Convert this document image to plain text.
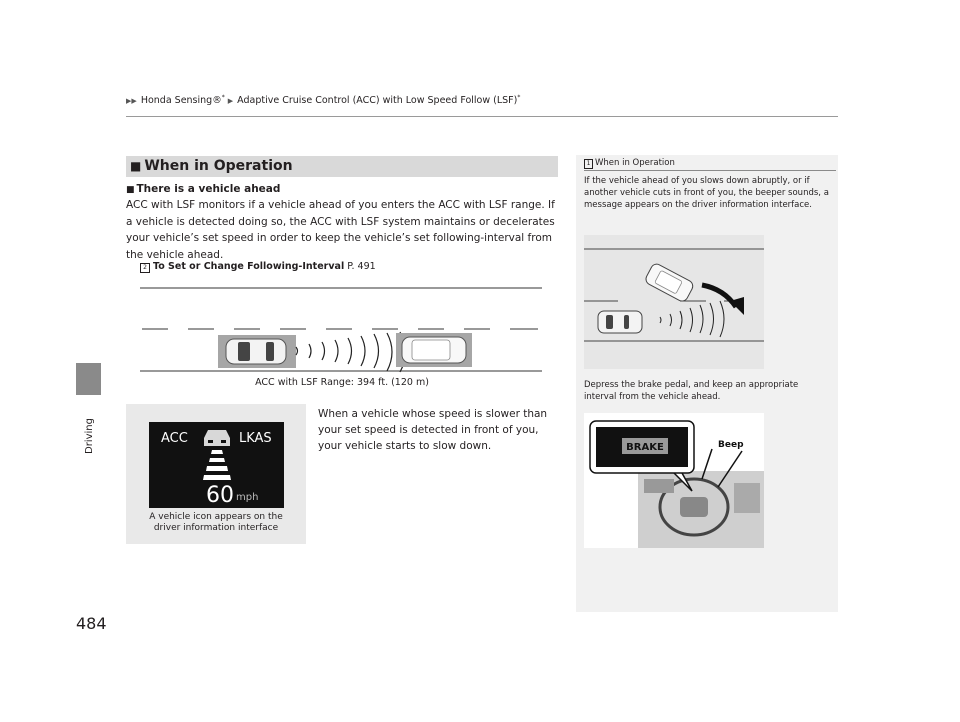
▶▶ Honda Sensing®* ▶ Adaptive Cruise Control (ACC) with Low Speed Follow (LSF)*
Driving
484
■ When in Operation
■ There is a vehicle ahead
ACC with LSF monitors if a vehicle ahead of you enters the ACC with LSF range. If a vehicle is detected doing so, the ACC with LSF system maintains or decelerates your vehicle’s set speed in order to keep the vehicle’s set following-interval from the vehicle ahead.
2 To Set or Change Following-Interval P. 491
ACC with LSF Range: 394 ft. (120 m)
ACC	LKAS
60 mph
A vehicle icon appears on the
driver information interface
When a vehicle whose speed is slower than your set speed is detected in front of you, your vehicle starts to slow down.
1 When in Operation
If the vehicle ahead of you slows down abruptly, or if another vehicle cuts in front of you, the beeper sounds, a message appears on the driver information interface.
Depress the brake pedal, and keep an appropriate interval from the vehicle ahead.
BRAKE	Beep
